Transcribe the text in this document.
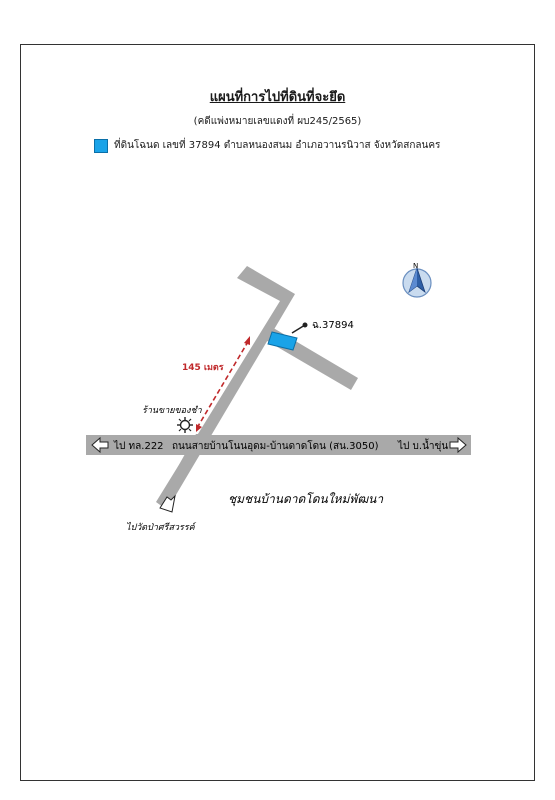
แผนที่การไปที่ดินที่จะยึด
(คดีแพ่งหมายเลขแดงที่ ผบ245/2565)
ที่ดินโฉนด เลขที่ 37894 ตำบลหนองสนม อำเภอวานรนิวาส จังหวัดสกลนคร
ฉ.37894
145 เมตร
ร้านขายของชำ
ไป ทล.222 ถนนสายบ้านโนนอุดม-บ้านดาดโดน (สน.3050) ไป บ.น้ำขุ่น
ไปวัดป่าศรีสวรรค์
ชุมชนบ้านดาดโดนใหม่พัฒนา
N
